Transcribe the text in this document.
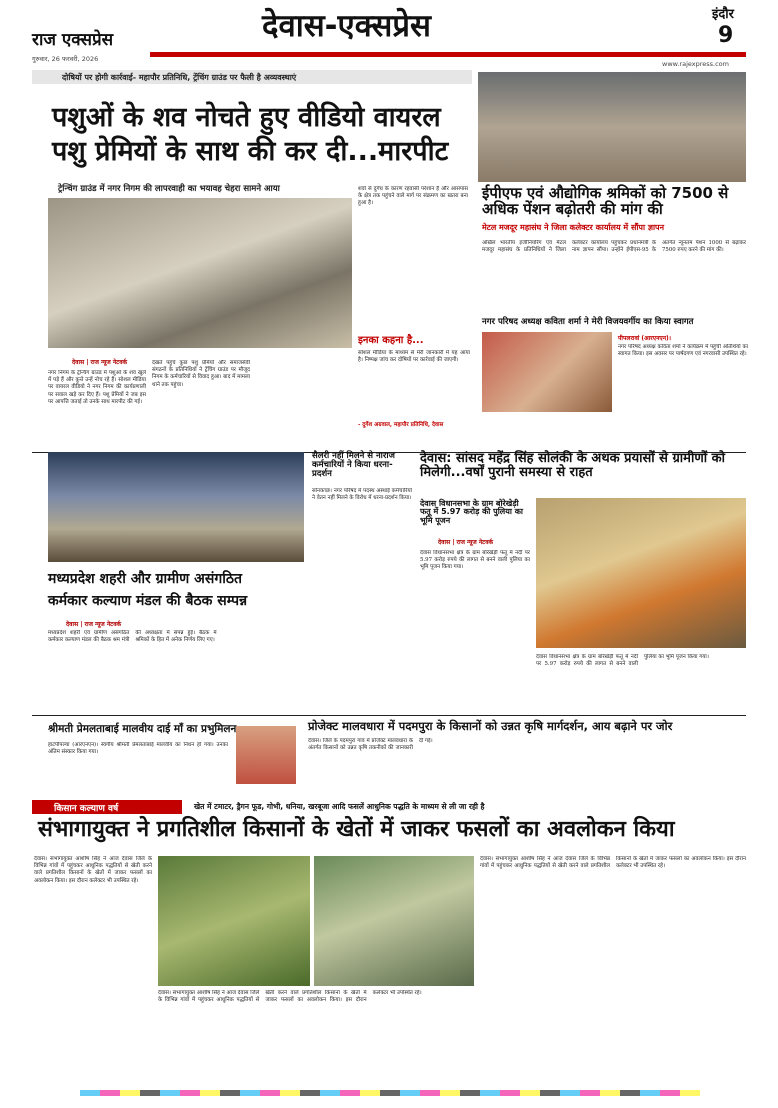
राज एक्सप्रेस
गुरुवार, 26 फरवरी, 2026
देवास-एक्सप्रेस	इंदौर
9
www.rajexpress.com
दोषियों पर होगी कार्रवाई- महापौर प्रतिनिधि, ट्रेंचिंग ग्राउंड पर फैली है अव्यवस्थाएं
पशुओं के शव नोचते हुए वीडियो वायरल
पशु प्रेमियों के साथ की कर दी...मारपीट
ट्रेन्चिंग ग्राउंड में नगर निगम की लापरवाही का भयावह चेहरा सामने आया
देवास | राज न्यूज नेटवर्क
नगर निगम के ट्रेन्चिंग ग्राउंड में पशुओं के शव खुले में पड़े हैं और कुत्ते उन्हें नोच रहे हैं। सोशल मीडिया पर वायरल वीडियो ने नगर निगम की कार्यप्रणाली पर सवाल खड़े कर दिए हैं। पशु प्रेमियों ने जब इस पर आपत्ति जताई तो उनके साथ मारपीट की गई।
देखते पहुंचे कुछ पशु प्रेमियों और समाजसेवी संगठनों के प्रतिनिधियों ने ट्रेंचिंग ग्राउंड पर मौजूद निगम के कर्मचारियों से विवाद हुआ। बाद में मामला थाने तक पहुंचा।
शवों से दुर्गंध के कारण रहवासी परेशान हैं और आसपास के क्षेत्र तक पहुंचने वाले मार्ग पर संक्रमण का खतरा बना हुआ है।
इनका कहना है...
सोशल मीडिया के माध्यम से मेरी जानकारी में यह आया है। निष्पक्ष जांच कर दोषियों पर कार्रवाई की जाएगी।
- दुर्गेश अग्रवाल, महापौर प्रतिनिधि, देवास
ईपीएफ एवं औद्योगिक श्रमिकों को 7500 से अधिक पेंशन बढ़ोतरी की मांग की
मेटल मजदूर महासंघ ने जिला कलेक्टर कार्यालय में सौंपा ज्ञापन
अखिल भारतीय इंजीनियरिंग एवं मेटल मजदूर महासंघ के प्रतिनिधियों ने जिला कलेक्टर कार्यालय पहुंचकर प्रधानमंत्री के नाम ज्ञापन सौंपा। उन्होंने ईपीएस-95 के अंतर्गत न्यूनतम पेंशन 1000 से बढ़ाकर 7500 रुपए करने की मांग की।
नगर परिषद अध्यक्ष कविता शर्मा ने मेरी विजयवर्गीय का किया स्वागत
पीपलरावां (आरएनएन)।
नगर परिषद अध्यक्ष कविता शर्मा ने कार्यक्रम में पहुंची अतिथियों का स्वागत किया। इस अवसर पर पार्षदगण एवं नगरवासी उपस्थित रहे।
मध्यप्रदेश शहरी और ग्रामीण असंगठित
कर्मकार कल्याण मंडल की बैठक सम्पन्न
देवास | राज न्यूज नेटवर्क
मध्यप्रदेश शहरी एवं ग्रामीण असंगठित कर्मकार कल्याण मंडल की बैठक श्रम मंत्री की अध्यक्षता में संपन्न हुई। बैठक में श्रमिकों के हित में अनेक निर्णय लिए गए।
सैलरी नहीं मिलने से नाराज कर्मचारियों ने किया धरना-प्रदर्शन
सोनकच्छ। नगर परिषद में पदस्थ अस्थाई कर्मचारियों ने वेतन नहीं मिलने के विरोध में धरना-प्रदर्शन किया।
देवास: सांसद महेंद्र सिंह सोलंकी के अथक प्रयासों से ग्रामीणों को मिलेगी...वर्षों पुरानी समस्या से राहत
देवास विधानसभा के ग्राम बोरेखेड़ी फतू में 5.97 करोड़ की पुलिया का भूमि पूजन
देवास | राज न्यूज नेटवर्क
देवास विधानसभा क्षेत्र के ग्राम बोरेखेड़ी फतू में नदी पर 5.97 करोड़ रुपये की लागत से बनने वाली पुलिया का भूमि पूजन किया गया।
देवास विधानसभा क्षेत्र के ग्राम बोरेखेड़ी फतू में नदी पर 5.97 करोड़ रुपये की लागत से बनने वाली पुलिया का भूमि पूजन किया गया।
श्रीमती प्रेमलताबाई मालवीय दाई माँ का प्रभुमिलन
हाटपीपल्या (आरएनएन)। स्वर्गीय श्रीमती प्रेमलताबाई मालवीय का निधन हो गया। उनका अंतिम संस्कार किया गया।
प्रोजेक्ट मालवधारा में पदमपुरा के किसानों को उन्नत कृषि मार्गदर्शन, आय बढ़ाने पर जोर
देवास। जिले के पदमपुरा गांव में प्रोजेक्ट मालवधारा के अंतर्गत किसानों को उन्नत कृषि तकनीकों की जानकारी दी गई।
किसान कल्याण वर्ष	खेत में टमाटर, ड्रैगन फूड, गोभी, धनिया, खरबूजा आदि फसलें आधुनिक पद्धति के माध्यम से ली जा रही है
संभागायुक्त ने प्रगतिशील किसानों के खेतों में जाकर फसलों का अवलोकन किया
देवास। संभागायुक्त आशीष सिंह ने आज देवास जिले के विभिन्न गांवों में पहुंचकर आधुनिक पद्धतियों से खेती करने वाले प्रगतिशील किसानों के खेतों में जाकर फसलों का अवलोकन किया। इस दौरान कलेक्टर भी उपस्थित रहे।
देवास। संभागायुक्त आशीष सिंह ने आज देवास जिले के विभिन्न गांवों में पहुंचकर आधुनिक पद्धतियों से खेती करने वाले प्रगतिशील किसानों के खेतों में जाकर फसलों का अवलोकन किया। इस दौरान कलेक्टर भी उपस्थित रहे।
देवास। संभागायुक्त आशीष सिंह ने आज देवास जिले के विभिन्न गांवों में पहुंचकर आधुनिक पद्धतियों से खेती करने वाले प्रगतिशील किसानों के खेतों में जाकर फसलों का अवलोकन किया। इस दौरान कलेक्टर भी उपस्थित रहे।
